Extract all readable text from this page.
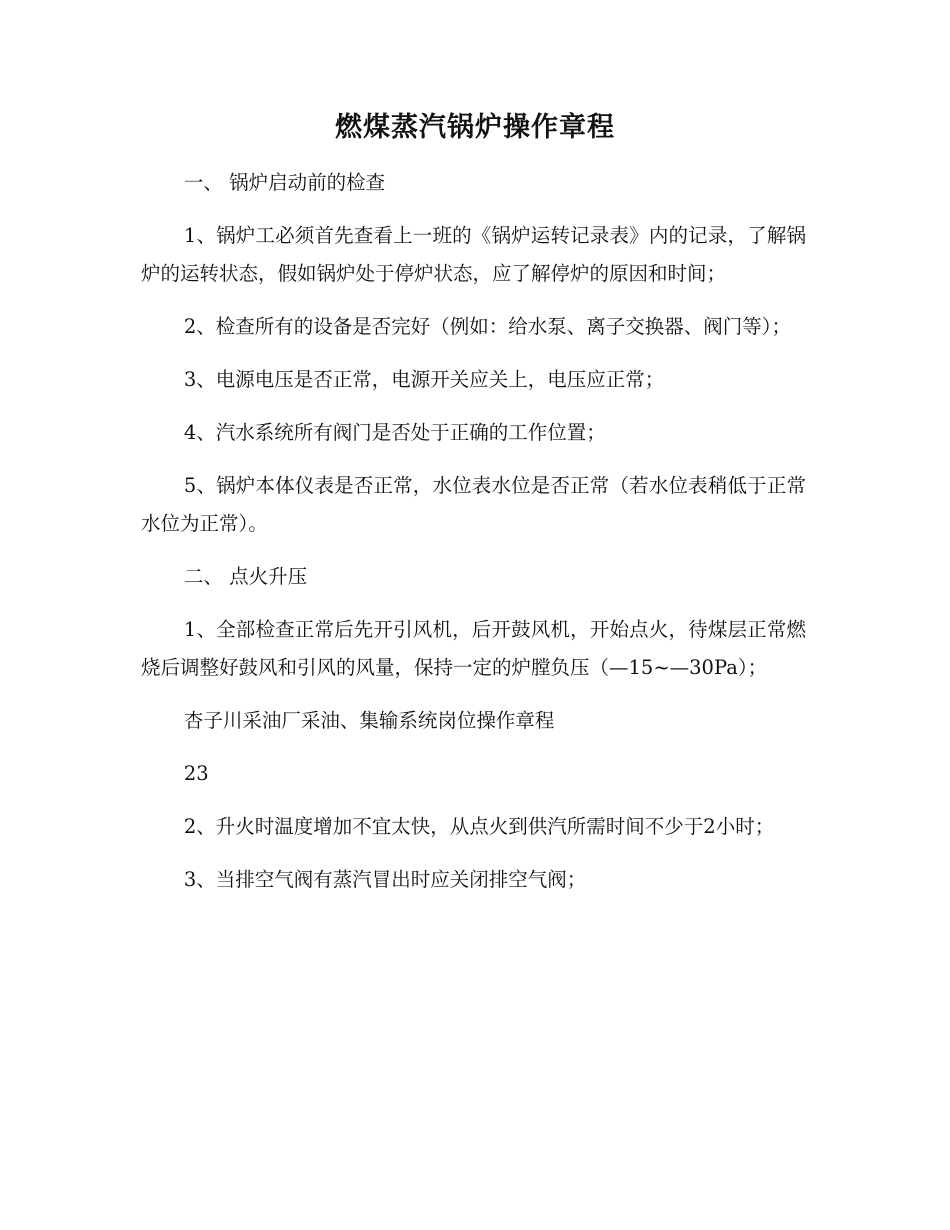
燃煤蒸汽锅炉操作章程

一、 锅炉启动前的检查

1、锅炉工必须首先查看上一班的《锅炉运转记录表》内的记录，了解锅炉的运转状态，假如锅炉处于停炉状态，应了解停炉的原因和时间；

2、检查所有的设备是否完好（例如：给水泵、离子交换器、阀门等）；

3、电源电压是否正常，电源开关应关上，电压应正常；

4、汽水系统所有阀门是否处于正确的工作位置；

5、锅炉本体仪表是否正常，水位表水位是否正常（若水位表稍低于正常水位为正常）。

二、 点火升压

1、全部检查正常后先开引风机，后开鼓风机，开始点火，待煤层正常燃烧后调整好鼓风和引风的风量，保持一定的炉膛负压（—15~—30Pa）；

杏子川采油厂采油、集输系统岗位操作章程

23

2、升火时温度增加不宜太快，从点火到供汽所需时间不少于2小时；

3、当排空气阀有蒸汽冒出时应关闭排空气阀；
